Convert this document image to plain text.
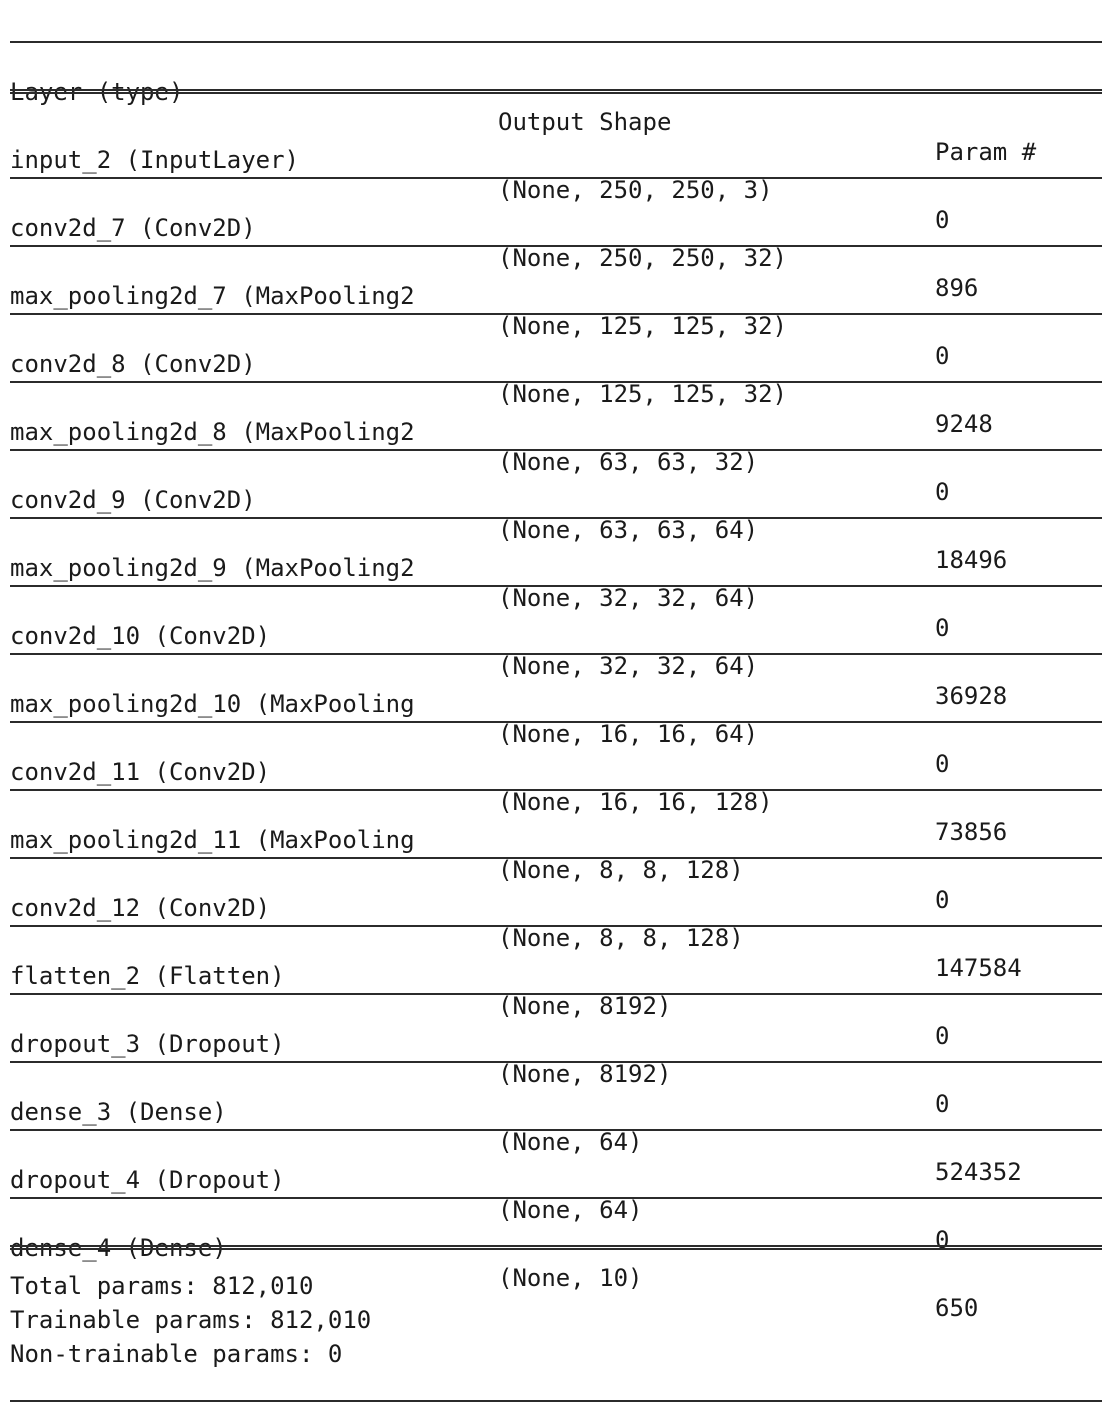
Layer (type)

Output Shape

Param #

input_2 (InputLayer)

(None, 250, 250, 3)

0

conv2d_7 (Conv2D)

(None, 250, 250, 32)

896

max_pooling2d_7 (MaxPooling2

(None, 125, 125, 32)

0

conv2d_8 (Conv2D)

(None, 125, 125, 32)

9248

max_pooling2d_8 (MaxPooling2

(None, 63, 63, 32)

0

conv2d_9 (Conv2D)

(None, 63, 63, 64)

18496

max_pooling2d_9 (MaxPooling2

(None, 32, 32, 64)

0

conv2d_10 (Conv2D)

(None, 32, 32, 64)

36928

max_pooling2d_10 (MaxPooling

(None, 16, 16, 64)

0

conv2d_11 (Conv2D)

(None, 16, 16, 128)

73856

max_pooling2d_11 (MaxPooling

(None, 8, 8, 128)

0

conv2d_12 (Conv2D)

(None, 8, 8, 128)

147584

flatten_2 (Flatten)

(None, 8192)

0

dropout_3 (Dropout)

(None, 8192)

0

dense_3 (Dense)

(None, 64)

524352

dropout_4 (Dropout)

(None, 64)

0

dense_4 (Dense)

(None, 10)

650

Total params: 812,010
Trainable params: 812,010
Non-trainable params: 0
